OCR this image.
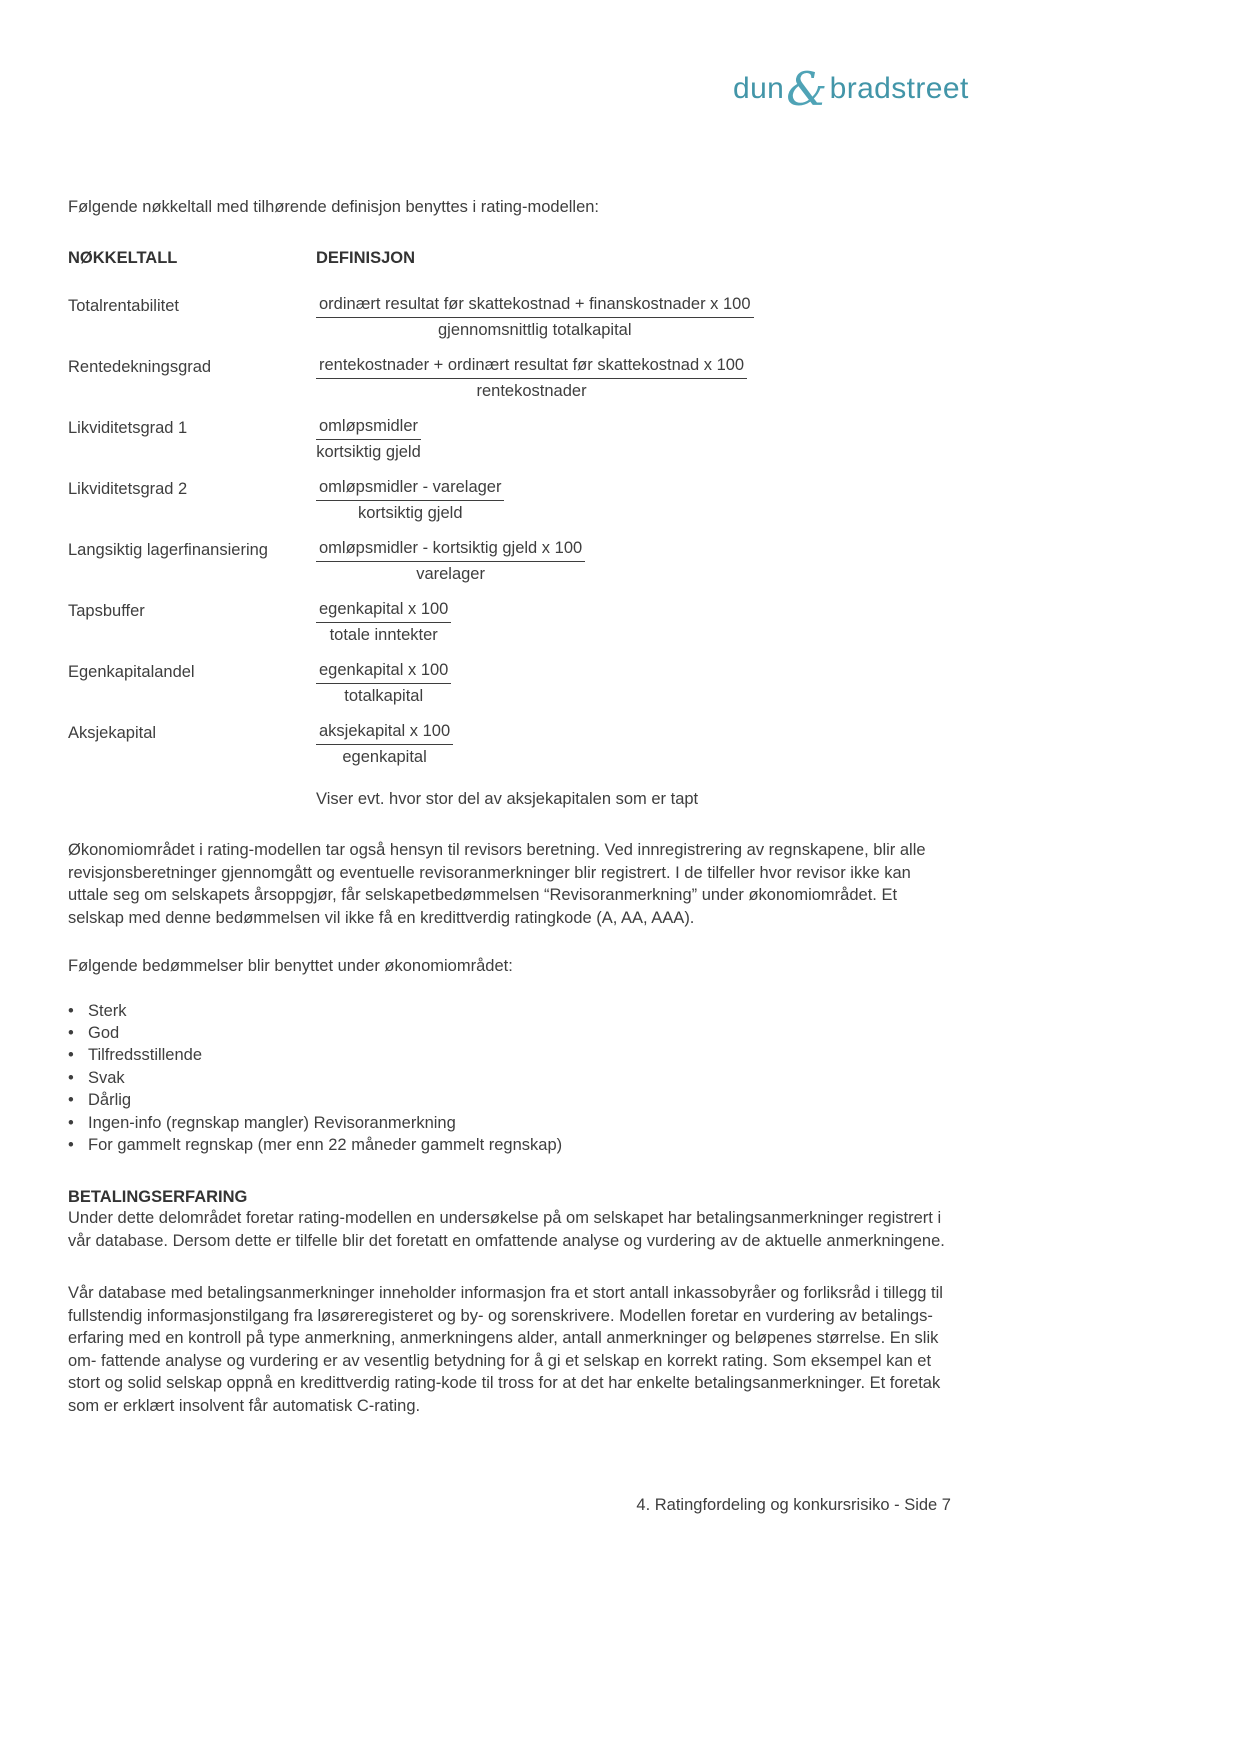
dun&bradstreet

Følgende nøkkeltall med tilhørende definisjon benyttes i rating-modellen:

NØKKELTALL	DEFINISJON
Totalrentabilitet	$\frac{\text{ordinært resultat før skattekostnad + finanskostnader x 100}}{\text{gjennomsnittlig totalkapital}}$
Rentedekningsgrad	$\frac{\text{rentekostnader + ordinært resultat før skattekostnad x 100}}{\text{rentekostnader}}$
Likviditetsgrad 1	$\frac{\text{omløpsmidler}}{\text{kortsiktig gjeld}}$
Likviditetsgrad 2	$\frac{\text{omløpsmidler - varelager}}{\text{kortsiktig gjeld}}$
Langsiktig lagerfinansiering	$\frac{\text{omløpsmidler - kortsiktig gjeld x 100}}{\text{varelager}}$
Tapsbuffer	$\frac{\text{egenkapital x 100}}{\text{totale inntekter}}$
Egenkapitalandel	$\frac{\text{egenkapital x 100}}{\text{totalkapital}}$
Aksjekapital	$\frac{\text{aksjekapital x 100}}{\text{egenkapital}}$
Viser evt. hvor stor del av aksjekapitalen som er tapt

Økonomiområdet i rating-modellen tar også hensyn til revisors beretning. Ved innregistrering av regnskapene, blir alle revisjonsberetninger gjennomgått og eventuelle revisoranmerkninger blir registrert. I de tilfeller hvor revisor ikke kan uttale seg om selskapets årsoppgjør, får selskapetbedømmelsen “Revisoranmerkning” under økonomiområdet. Et selskap med denne bedømmelsen vil ikke få en kredittverdig ratingkode (A, AA, AAA).

Følgende bedømmelser blir benyttet under økonomiområdet:

• Sterk
• God
• Tilfredsstillende
• Svak
• Dårlig
• Ingen-info (regnskap mangler) Revisoranmerkning
• For gammelt regnskap (mer enn 22 måneder gammelt regnskap)
BETALINGSERFARING

Under dette delområdet foretar rating-modellen en undersøkelse på om selskapet har betalingsanmerkninger registrert i vår database. Dersom dette er tilfelle blir det foretatt en omfattende analyse og vurdering av de aktuelle anmerkningene.

Vår database med betalingsanmerkninger inneholder informasjon fra et stort antall inkassobyråer og forliksråd i tillegg til fullstendig informasjonstilgang fra løsøreregisteret og by- og sorenskrivere. Modellen foretar en vurdering av betalings- erfaring med en kontroll på type anmerkning, anmerkningens alder, antall anmerkninger og beløpenes størrelse. En slik om- fattende analyse og vurdering er av vesentlig betydning for å gi et selskap en korrekt rating. Som eksempel kan et stort og solid selskap oppnå en kredittverdig rating-kode til tross for at det har enkelte betalingsanmerkninger. Et foretak som er erklært insolvent får automatisk C-rating.

4. Ratingfordeling og konkursrisiko - Side 7
